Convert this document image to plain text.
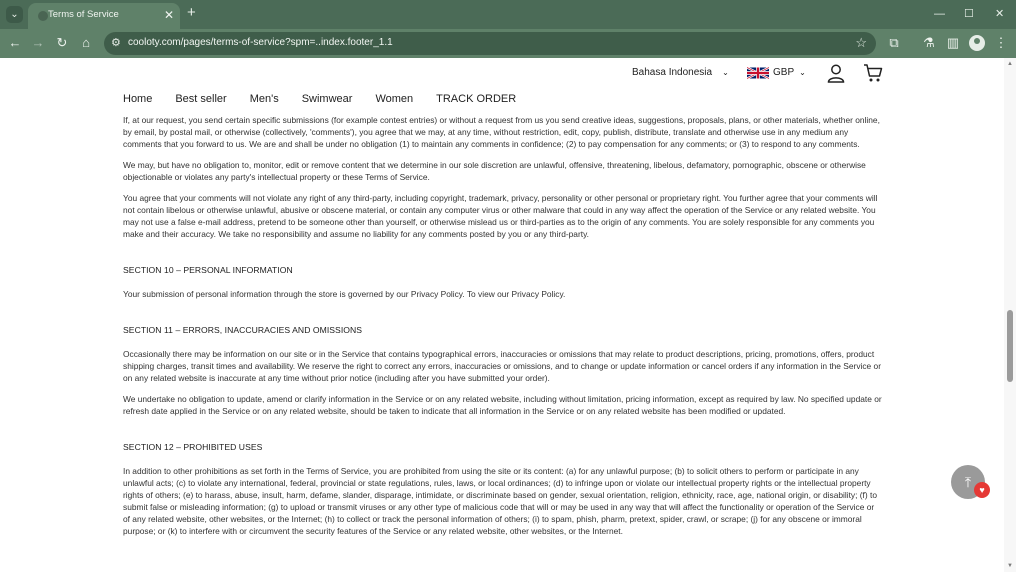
⌄	Terms of Service	✕ +	— ☐ ✕
← → ↻	⌂	⚙ cooloty.com/pages/terms-of-service?spm=..index.footer_1.1	☆	⧉	⚗ ▥	⋮
Bahasa Indonesia ⌄	GBP ⌄
Home Best seller Men's Swimwear Women TRACK ORDER

If, at our request, you send certain specific submissions (for example contest entries) or without a request from us you send creative ideas, suggestions, proposals, plans, or other materials, whether online, by email, by postal mail, or otherwise (collectively, 'comments'), you agree that we may, at any time, without restriction, edit, copy, publish, distribute, translate and otherwise use in any medium any comments that you forward to us. We are and shall be under no obligation (1) to maintain any comments in confidence; (2) to pay compensation for any comments; or (3) to respond to any comments.

We may, but have no obligation to, monitor, edit or remove content that we determine in our sole discretion are unlawful, offensive, threatening, libelous, defamatory, pornographic, obscene or otherwise objectionable or violates any party's intellectual property or these Terms of Service.

You agree that your comments will not violate any right of any third-party, including copyright, trademark, privacy, personality or other personal or proprietary right. You further agree that your comments will not contain libelous or otherwise unlawful, abusive or obscene material, or contain any computer virus or other malware that could in any way affect the operation of the Service or any related website. You may not use a false e-mail address, pretend to be someone other than yourself, or otherwise mislead us or third-parties as to the origin of any comments. You are solely responsible for any comments you make and their accuracy. We take no responsibility and assume no liability for any comments posted by you or any third-party.

SECTION 10 – PERSONAL INFORMATION

Your submission of personal information through the store is governed by our Privacy Policy. To view our Privacy Policy.

SECTION 11 – ERRORS, INACCURACIES AND OMISSIONS

Occasionally there may be information on our site or in the Service that contains typographical errors, inaccuracies or omissions that may relate to product descriptions, pricing, promotions, offers, product shipping charges, transit times and availability. We reserve the right to correct any errors, inaccuracies or omissions, and to change or update information or cancel orders if any information in the Service or on any related website is inaccurate at any time without prior notice (including after you have submitted your order).

We undertake no obligation to update, amend or clarify information in the Service or on any related website, including without limitation, pricing information, except as required by law. No specified update or refresh date applied in the Service or on any related website, should be taken to indicate that all information in the Service or on any related website has been modified or updated.

SECTION 12 – PROHIBITED USES

In addition to other prohibitions as set forth in the Terms of Service, you are prohibited from using the site or its content: (a) for any unlawful purpose; (b) to solicit others to perform or participate in any unlawful acts; (c) to violate any international, federal, provincial or state regulations, rules, laws, or local ordinances; (d) to infringe upon or violate our intellectual property rights or the intellectual property rights of others; (e) to harass, abuse, insult, harm, defame, slander, disparage, intimidate, or discriminate based on gender, sexual orientation, religion, ethnicity, race, age, national origin, or disability; (f) to submit false or misleading information; (g) to upload or transmit viruses or any other type of malicious code that will or may be used in any way that will affect the functionality or operation of the Service or of any related website, other websites, or the Internet; (h) to collect or track the personal information of others; (i) to spam, phish, pharm, pretext, spider, crawl, or scrape; (j) for any obscene or immoral purpose; or (k) to interfere with or circumvent the security features of the Service or any related website, other websites, or the Internet.

▲
▼
⤒ ♥
